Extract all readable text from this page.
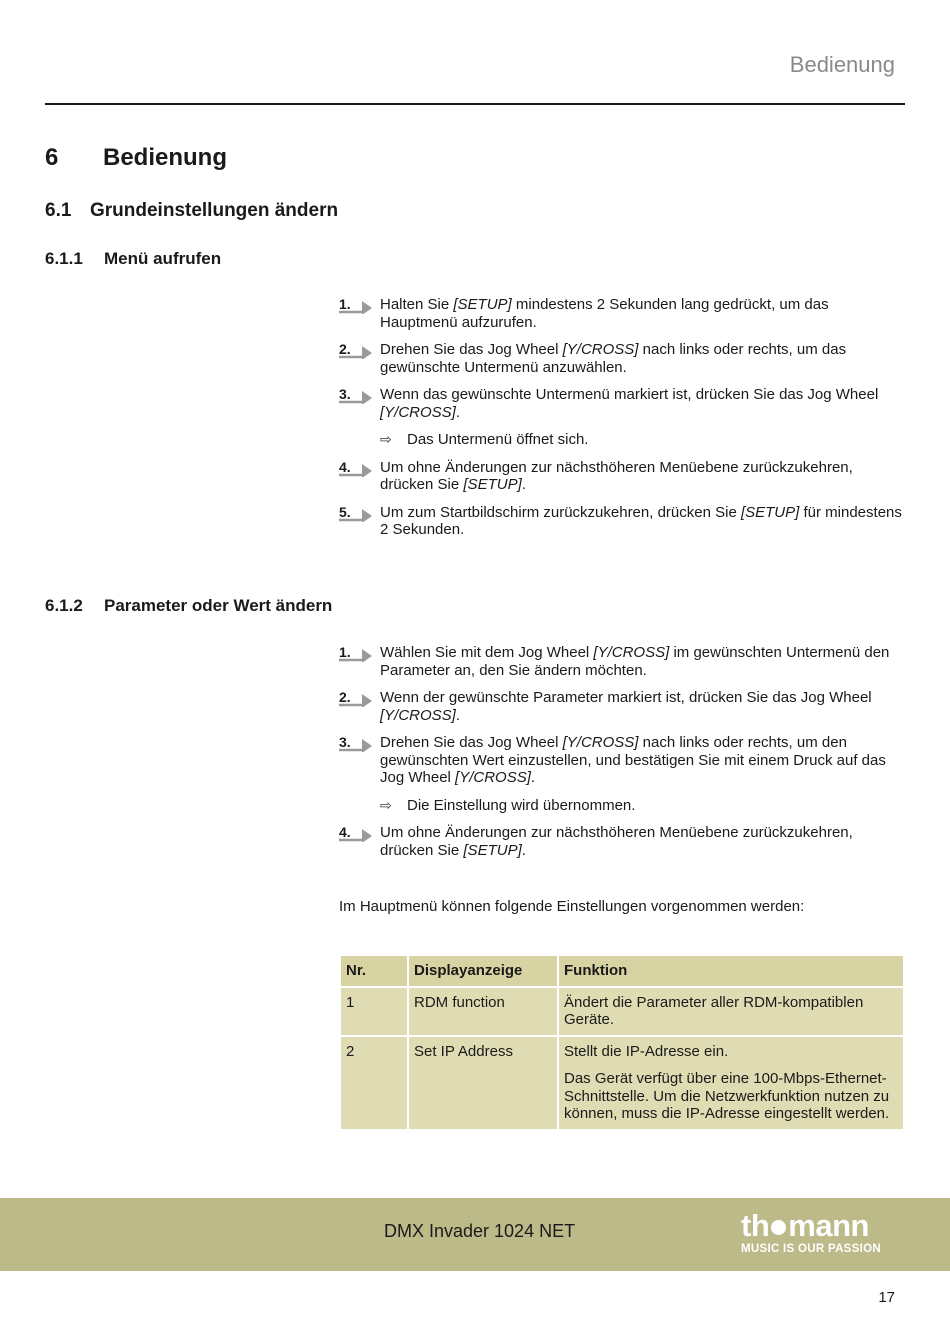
Bedienung
6 Bedienung
6.1 Grundeinstellungen ändern
6.1.1 Menü aufrufen
1. Halten Sie [SETUP] mindestens 2 Sekunden lang gedrückt, um das Hauptmenü aufzurufen.
2. Drehen Sie das Jog Wheel [Y/CROSS] nach links oder rechts, um das gewünschte Untermenü anzuwählen.
3. Wenn das gewünschte Untermenü markiert ist, drücken Sie das Jog Wheel [Y/CROSS].
⇨	Das Untermenü öffnet sich.
4. Um ohne Änderungen zur nächsthöheren Menüebene zurückzukehren, drücken Sie [SETUP].
5. Um zum Startbildschirm zurückzukehren, drücken Sie [SETUP] für mindestens 2 Sekunden.
6.1.2 Parameter oder Wert ändern
1. Wählen Sie mit dem Jog Wheel [Y/CROSS] im gewünschten Untermenü den Parameter an, den Sie ändern möchten.
2. Wenn der gewünschte Parameter markiert ist, drücken Sie das Jog Wheel [Y/CROSS].
3. Drehen Sie das Jog Wheel [Y/CROSS] nach links oder rechts, um den gewünschten Wert einzustellen, und bestätigen Sie mit einem Druck auf das Jog Wheel [Y/CROSS].
⇨	Die Einstellung wird übernommen.
4. Um ohne Änderungen zur nächsthöheren Menüebene zurückzukehren, drücken Sie [SETUP].
Im Hauptmenü können folgende Einstellungen vorgenommen werden:
Nr.	Displayanzeige	Funktion
1	RDM function	Ändert die Parameter aller RDM-kompatiblen Geräte.

2	Set IP Address	Stellt die IP-Adresse ein.

Das Gerät verfügt über eine 100-Mbps-Ethernet-Schnittstelle. Um die Netzwerkfunktion nutzen zu können, muss die IP-Adresse eingestellt werden.

DMX Invader 1024 NET	th mann
MUSIC IS OUR PASSION
17
